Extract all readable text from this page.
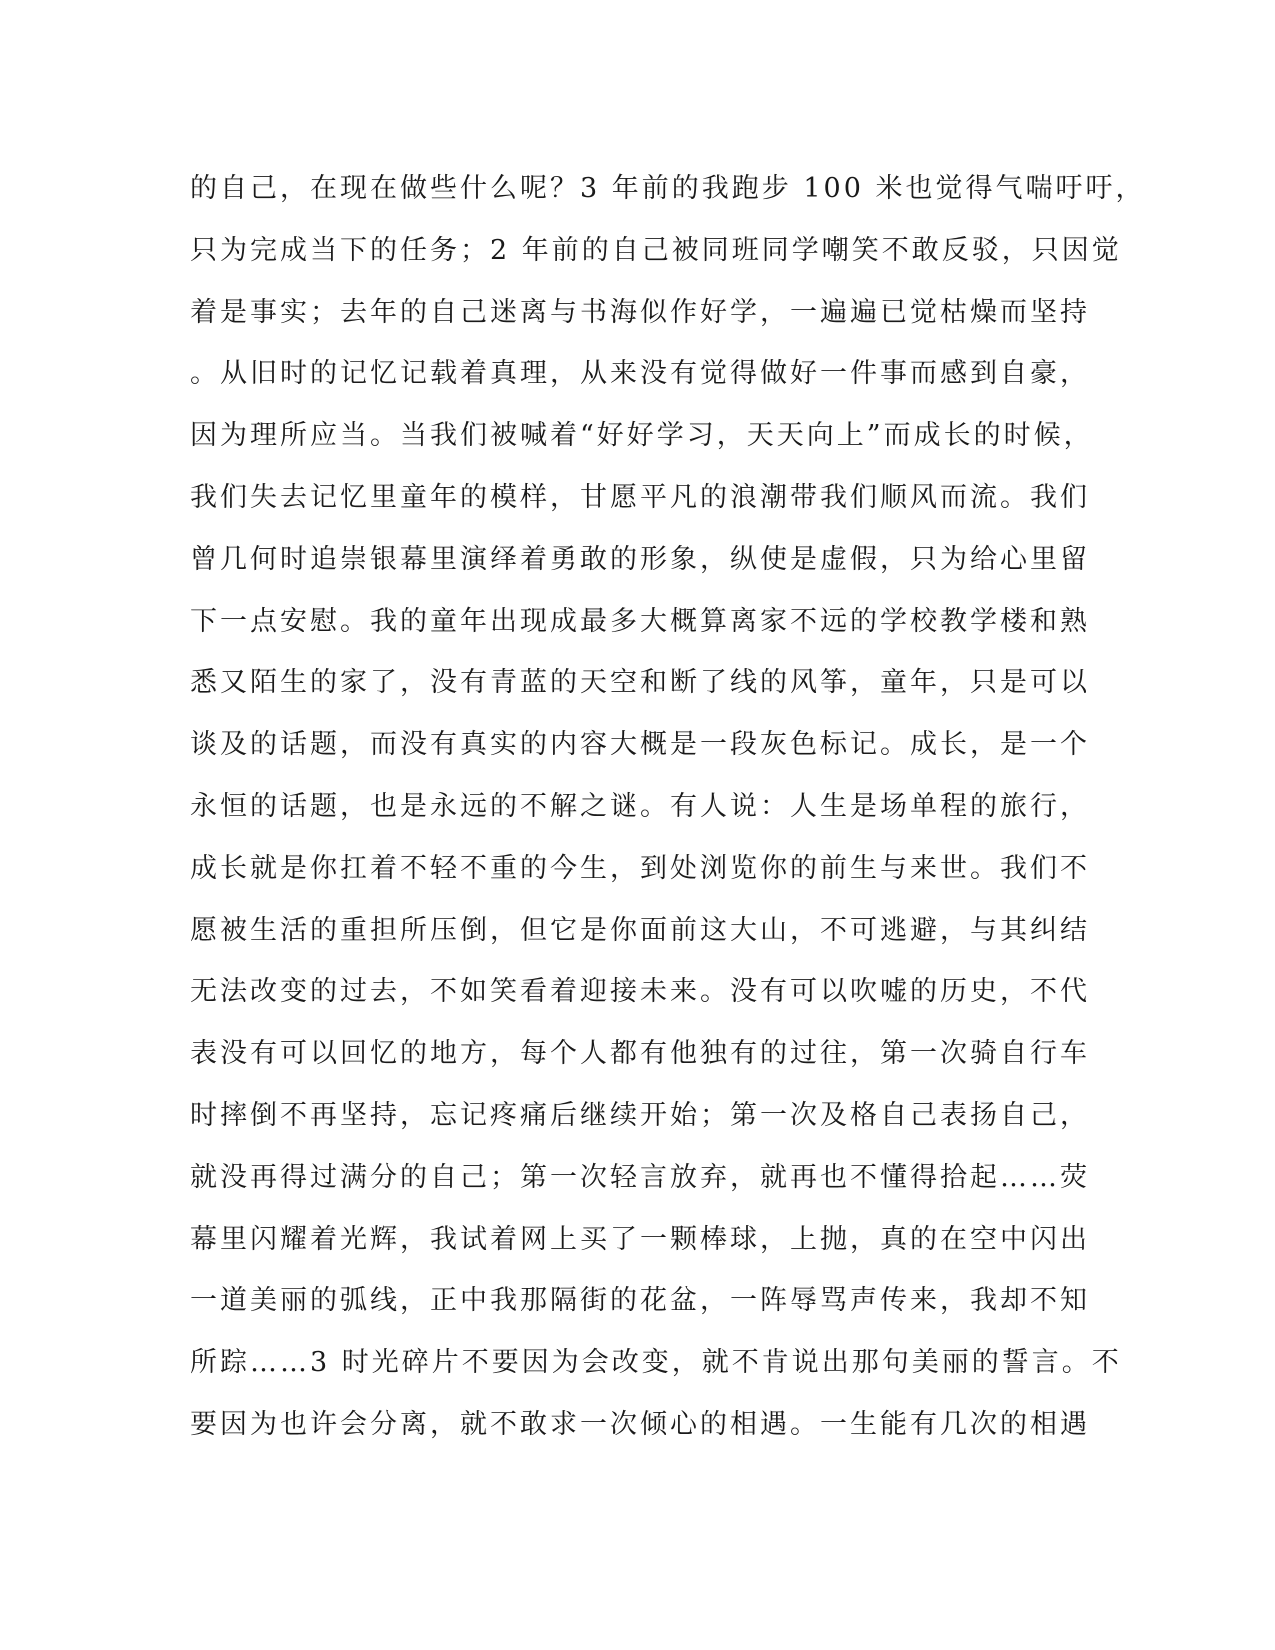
的自己，在现在做些什么呢？3 年前的我跑步 100 米也觉得气喘吁吁，
只为完成当下的任务；2 年前的自己被同班同学嘲笑不敢反驳，只因觉
着是事实；去年的自己迷离与书海似作好学，一遍遍已觉枯燥而坚持
。从旧时的记忆记载着真理，从来没有觉得做好一件事而感到自豪，
因为理所应当。当我们被喊着“好好学习，天天向上”而成长的时候，
我们失去记忆里童年的模样，甘愿平凡的浪潮带我们顺风而流。我们
曾几何时追崇银幕里演绎着勇敢的形象，纵使是虚假，只为给心里留
下一点安慰。我的童年出现成最多大概算离家不远的学校教学楼和熟
悉又陌生的家了，没有青蓝的天空和断了线的风筝，童年，只是可以
谈及的话题，而没有真实的内容大概是一段灰色标记。成长，是一个
永恒的话题，也是永远的不解之谜。有人说：人生是场单程的旅行，
成长就是你扛着不轻不重的今生，到处浏览你的前生与来世。我们不
愿被生活的重担所压倒，但它是你面前这大山，不可逃避，与其纠结
无法改变的过去，不如笑看着迎接未来。没有可以吹嘘的历史，不代
表没有可以回忆的地方，每个人都有他独有的过往，第一次骑自行车
时摔倒不再坚持，忘记疼痛后继续开始；第一次及格自己表扬自己，
就没再得过满分的自己；第一次轻言放弃，就再也不懂得拾起……荧
幕里闪耀着光辉，我试着网上买了一颗棒球，上抛，真的在空中闪出
一道美丽的弧线，正中我那隔街的花盆，一阵辱骂声传来，我却不知
所踪……3 时光碎片不要因为会改变，就不肯说出那句美丽的誓言。不
要因为也许会分离，就不敢求一次倾心的相遇。一生能有几次的相遇
